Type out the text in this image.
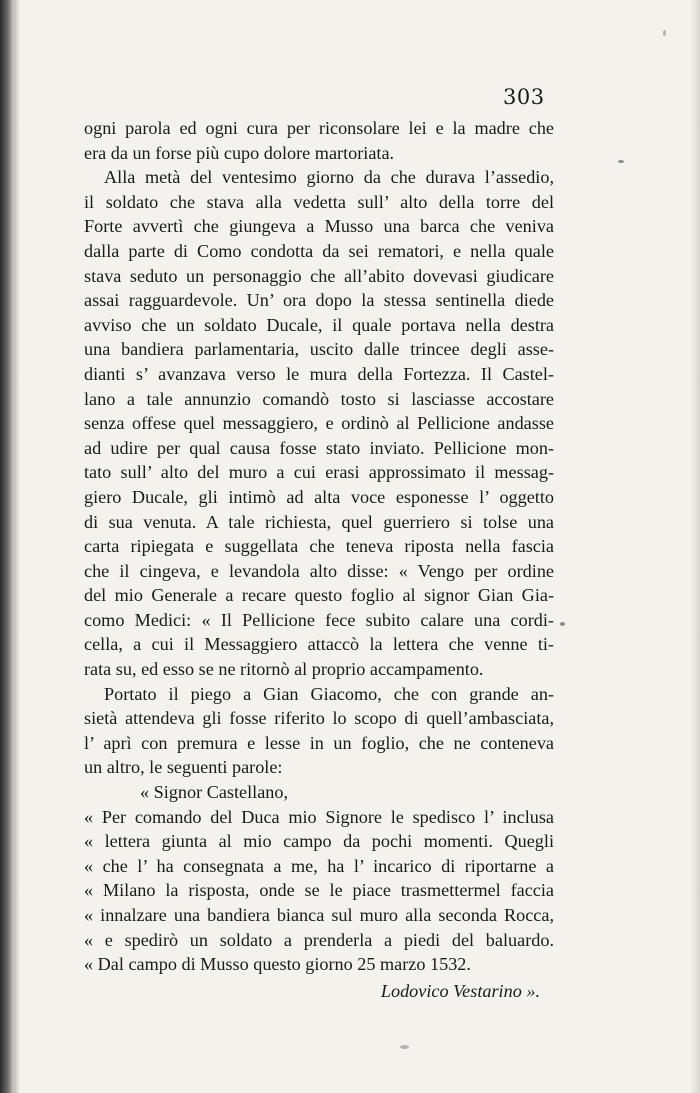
303
ogni parola ed ogni cura per riconsolare lei e la madre che
era da un forse più cupo dolore martoriata.
Alla metà del ventesimo giorno da che durava l’assedio,
il soldato che stava alla vedetta sull’ alto della torre del
Forte avvertì che giungeva a Musso una barca che veniva
dalla parte di Como condotta da sei rematori, e nella quale
stava seduto un personaggio che all’abito dovevasi giudicare
assai ragguardevole. Un’ ora dopo la stessa sentinella diede
avviso che un soldato Ducale, il quale portava nella destra
una bandiera parlamentaria, uscito dalle trincee degli asse-
dianti s’ avanzava verso le mura della Fortezza. Il Castel-
lano a tale annunzio comandò tosto si lasciasse accostare
senza offese quel messaggiero, e ordinò al Pellicione andasse
ad udire per qual causa fosse stato inviato. Pellicione mon-
tato sull’ alto del muro a cui erasi approssimato il messag-
giero Ducale, gli intimò ad alta voce esponesse l’ oggetto
di sua venuta. A tale richiesta, quel guerriero si tolse una
carta ripiegata e suggellata che teneva riposta nella fascia
che il cingeva, e levandola alto disse: « Vengo per ordine
del mio Generale a recare questo foglio al signor Gian Gia-
como Medici: « Il Pellicione fece subito calare una cordi-
cella, a cui il Messaggiero attaccò la lettera che venne ti-
rata su, ed esso se ne ritornò al proprio accampamento.
Portato il piego a Gian Giacomo, che con grande an-
sietà attendeva gli fosse riferito lo scopo di quell’ambasciata,
l’ aprì con premura e lesse in un foglio, che ne conteneva
un altro, le seguenti parole:
« Signor Castellano,
« Per comando del Duca mio Signore le spedisco l’ inclusa
« lettera giunta al mio campo da pochi momenti. Quegli
« che l’ ha consegnata a me, ha l’ incarico di riportarne a
« Milano la risposta, onde se le piace trasmettermel faccia
« innalzare una bandiera bianca sul muro alla seconda Rocca,
« e spedirò un soldato a prenderla a piedi del baluardo.
« Dal campo di Musso questo giorno 25 marzo 1532.
Lodovico Vestarino ».
